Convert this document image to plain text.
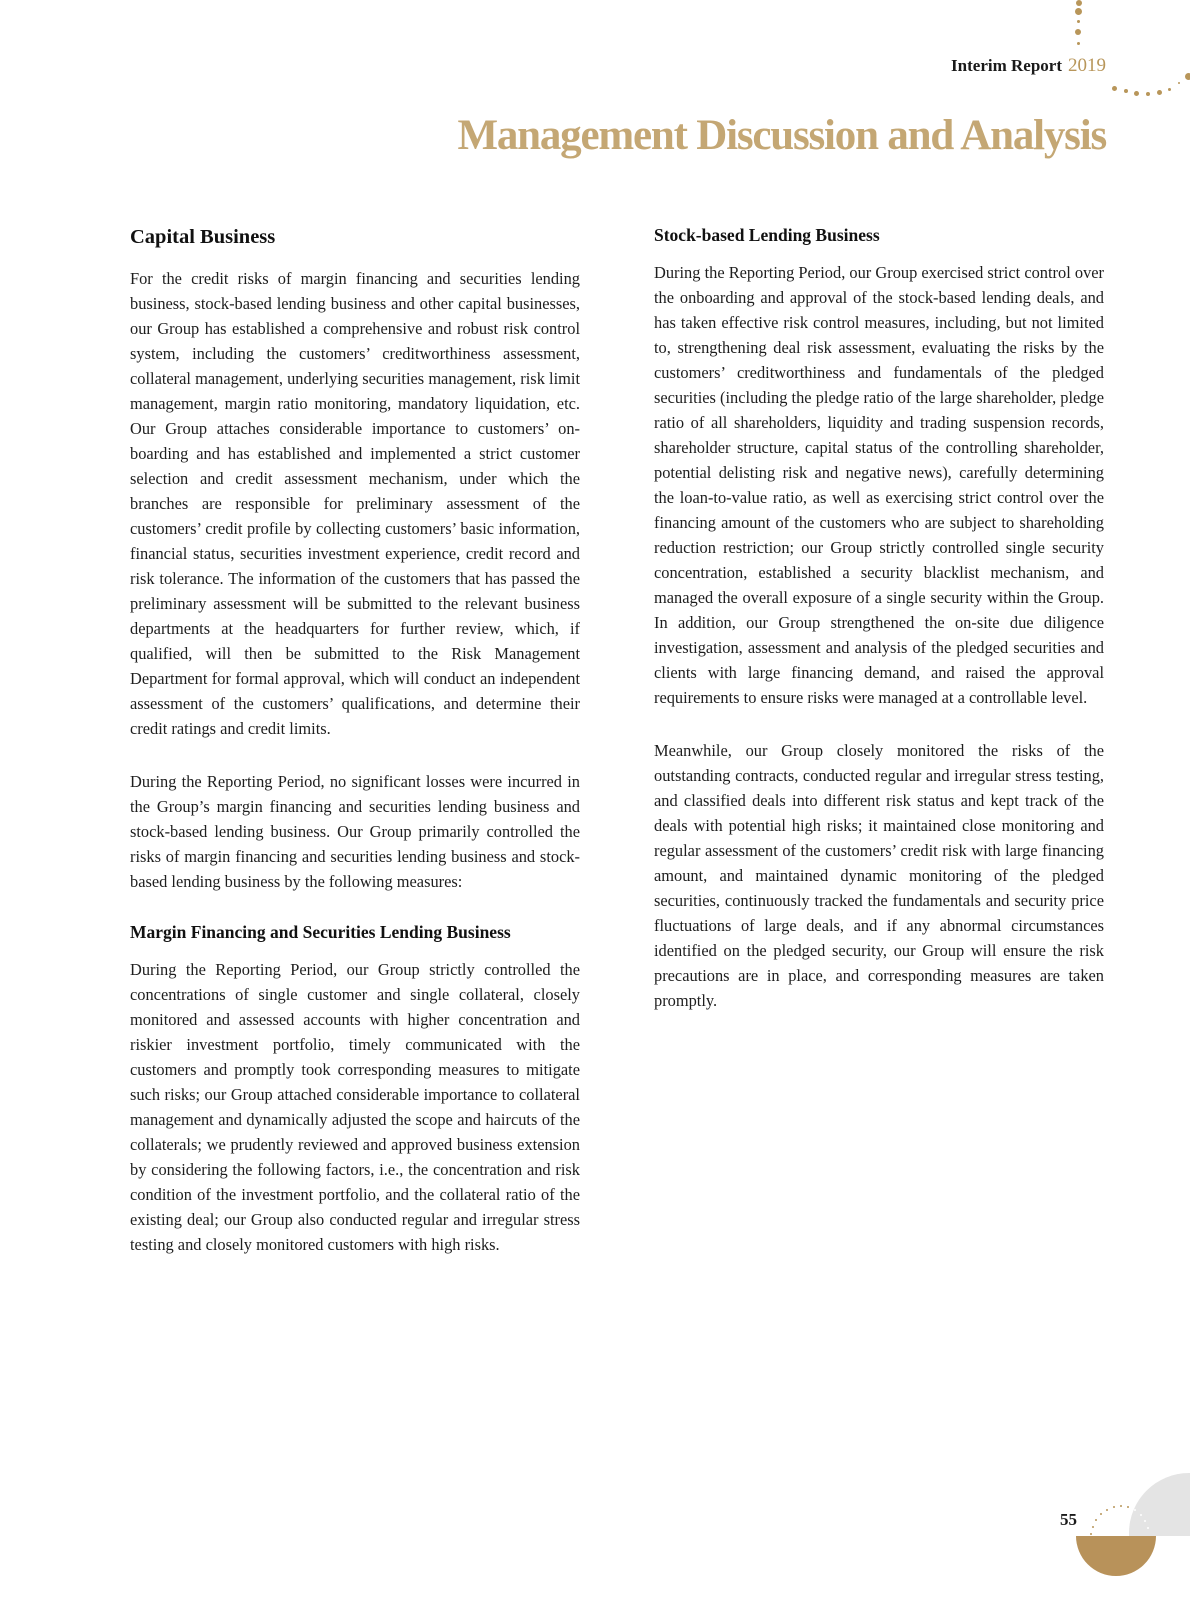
Interim Report 2019
Management Discussion and Analysis
Capital Business

For the credit risks of margin financing and securities lending business, stock-based lending business and other capital businesses, our Group has established a comprehensive and robust risk control system, including the customers’ creditworthiness assessment, collateral management, underlying securities management, risk limit management, margin ratio monitoring, mandatory liquidation, etc. Our Group attaches considerable importance to customers’ on-boarding and has established and implemented a strict customer selection and credit assessment mechanism, under which the branches are responsible for preliminary assessment of the customers’ credit profile by collecting customers’ basic information, financial status, securities investment experience, credit record and risk tolerance. The information of the customers that has passed the preliminary assessment will be submitted to the relevant business departments at the headquarters for further review, which, if qualified, will then be submitted to the Risk Management Department for formal approval, which will conduct an independent assessment of the customers’ qualifications, and determine their credit ratings and credit limits.

During the Reporting Period, no significant losses were incurred in the Group’s margin financing and securities lending business and stock-based lending business. Our Group primarily controlled the risks of margin financing and securities lending business and stock-based lending business by the following measures:

Margin Financing and Securities Lending Business

During the Reporting Period, our Group strictly controlled the concentrations of single customer and single collateral, closely monitored and assessed accounts with higher concentration and riskier investment portfolio, timely communicated with the customers and promptly took corresponding measures to mitigate such risks; our Group attached considerable importance to collateral management and dynamically adjusted the scope and haircuts of the collaterals; we prudently reviewed and approved business extension by considering the following factors, i.e., the concentration and risk condition of the investment portfolio, and the collateral ratio of the existing deal; our Group also conducted regular and irregular stress testing and closely monitored customers with high risks.

Stock-based Lending Business

During the Reporting Period, our Group exercised strict control over the onboarding and approval of the stock-based lending deals, and has taken effective risk control measures, including, but not limited to, strengthening deal risk assessment, evaluating the risks by the customers’ creditworthiness and fundamentals of the pledged securities (including the pledge ratio of the large shareholder, pledge ratio of all shareholders, liquidity and trading suspension records, shareholder structure, capital status of the controlling shareholder, potential delisting risk and negative news), carefully determining the loan-to-value ratio, as well as exercising strict control over the financing amount of the customers who are subject to shareholding reduction restriction; our Group strictly controlled single security concentration, established a security blacklist mechanism, and managed the overall exposure of a single security within the Group. In addition, our Group strengthened the on-site due diligence investigation, assessment and analysis of the pledged securities and clients with large financing demand, and raised the approval requirements to ensure risks were managed at a controllable level.

Meanwhile, our Group closely monitored the risks of the outstanding contracts, conducted regular and irregular stress testing, and classified deals into different risk status and kept track of the deals with potential high risks; it maintained close monitoring and regular assessment of the customers’ credit risk with large financing amount, and maintained dynamic monitoring of the pledged securities, continuously tracked the fundamentals and security price fluctuations of large deals, and if any abnormal circumstances identified on the pledged security, our Group will ensure the risk precautions are in place, and corresponding measures are taken promptly.

55
